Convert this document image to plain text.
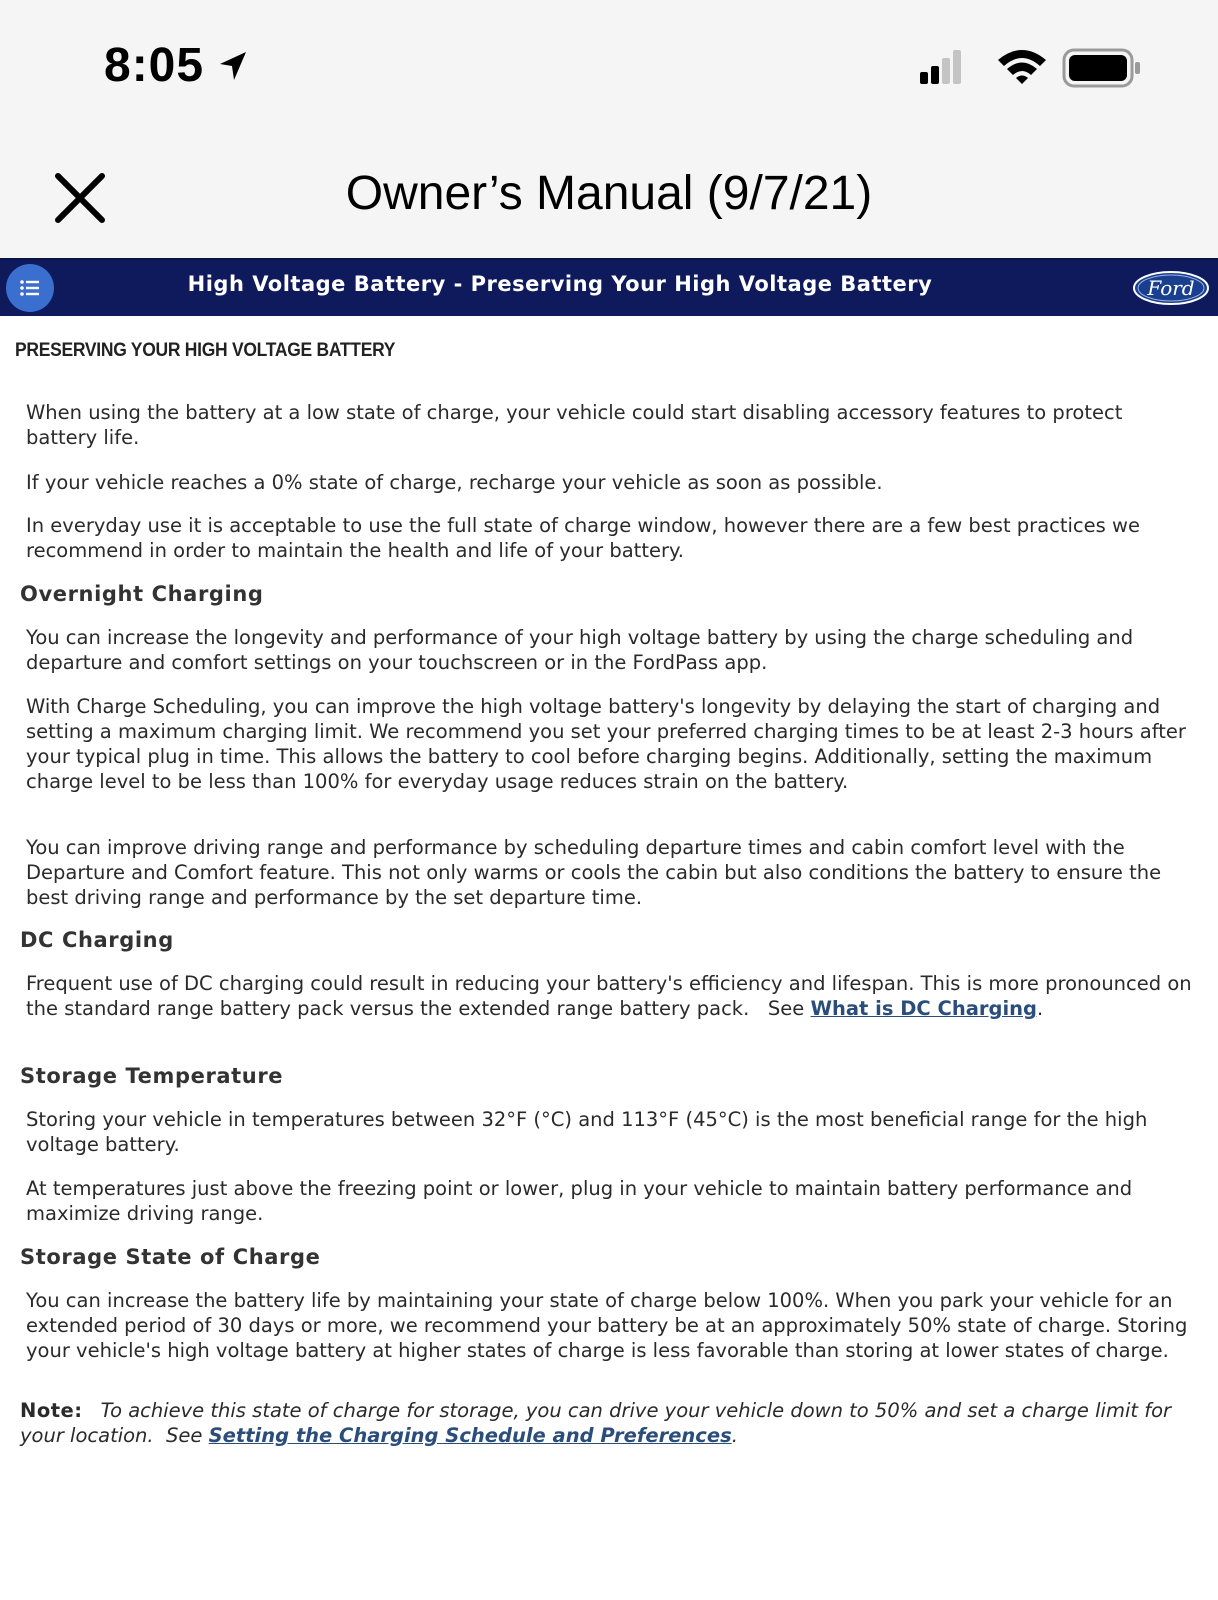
8:05
Owner’s Manual (9/7/21)
High Voltage Battery - Preserving Your High Voltage Battery	Ford
PRESERVING YOUR HIGH VOLTAGE BATTERY

When using the battery at a low state of charge, your vehicle could start disabling accessory features to protect battery life.

If your vehicle reaches a 0% state of charge, recharge your vehicle as soon as possible.

In everyday use it is acceptable to use the full state of charge window, however there are a few best practices we recommend in order to maintain the health and life of your battery.

Overnight Charging

You can increase the longevity and performance of your high voltage battery by using the charge scheduling and departure and comfort settings on your touchscreen or in the FordPass app.

With Charge Scheduling, you can improve the high voltage battery's longevity by delaying the start of charging and setting a maximum charging limit. We recommend you set your preferred charging times to be at least 2-3 hours after your typical plug in time. This allows the battery to cool before charging begins. Additionally, setting the maximum charge level to be less than 100% for everyday usage reduces strain on the battery.

You can improve driving range and performance by scheduling departure times and cabin comfort level with the Departure and Comfort feature. This not only warms or cools the cabin but also conditions the battery to ensure the best driving range and performance by the set departure time.

DC Charging

Frequent use of DC charging could result in reducing your battery's efficiency and lifespan. This is more pronounced on the standard range battery pack versus the extended range battery pack. See What is DC Charging.

Storage Temperature

Storing your vehicle in temperatures between 32°F (°C) and 113°F (45°C) is the most beneficial range for the high voltage battery.

At temperatures just above the freezing point or lower, plug in your vehicle to maintain battery performance and maximize driving range.

Storage State of Charge

You can increase the battery life by maintaining your state of charge below 100%. When you park your vehicle for an extended period of 30 days or more, we recommend your battery be at an approximately 50% state of charge. Storing your vehicle's high voltage battery at higher states of charge is less favorable than storing at lower states of charge.

Note: To achieve this state of charge for storage, you can drive your vehicle down to 50% and set a charge limit for your location. See Setting the Charging Schedule and Preferences.
